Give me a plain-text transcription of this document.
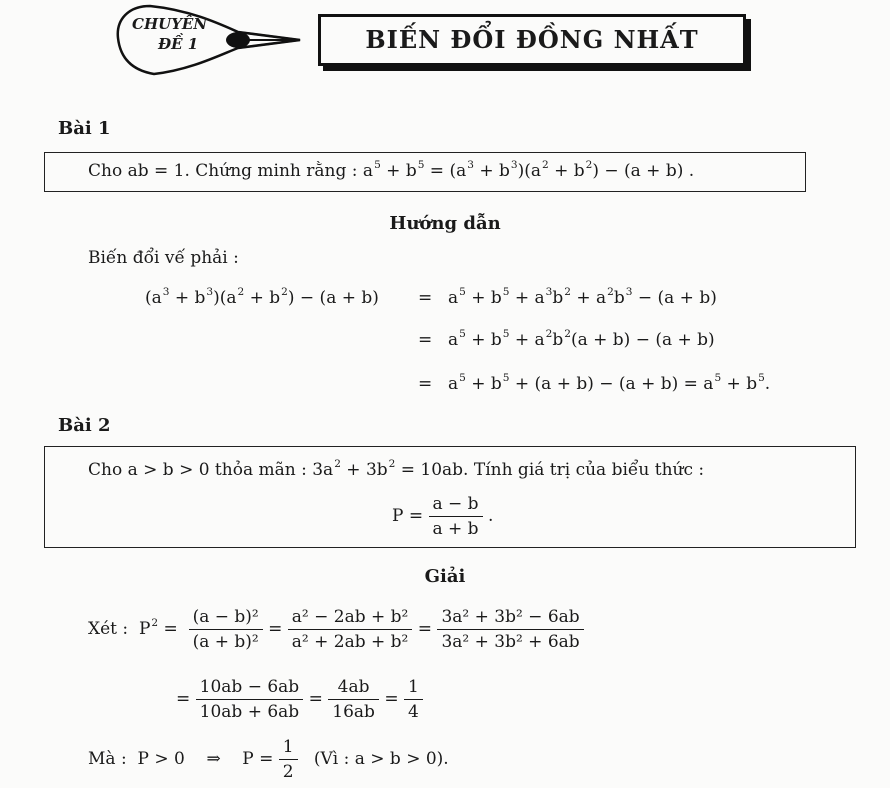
CHUYÊN
ĐỀ 1	BIẾN ĐỔI ĐỒNG NHẤT
Bài 1
Cho ab = 1. Chứng minh rằng : $a^5 + b^5 = (a^3 + b^3)(a^2 + b^2) - (a + b)$ .
Hướng dẫn
Biến đổi vế phải :
$(a^3 + b^3)(a^2 + b^2) - (a + b) = a^5 + b^5 + a^3b^2 + a^2b^3 - (a + b)$
= $a^5 + b^5 + a^2b^2(a + b) - (a + b)$
= $a^5 + b^5 + (a + b) - (a + b) = a^5 + b^5$.
Bài 2
Cho a > b > 0 thỏa mãn : $3a^2 + 3b^2 = 10ab$. Tính giá trị của biểu thức :
$P = \frac{a - b}{a + b}$ .
Giải
Xét :  $P^2 = \frac{\text{(a − b)²}}{\text{(a + b)²}} = \frac{\text{a² − 2ab + b²}}{\text{a² + 2ab + b²}} = \frac{\text{3a² + 3b² − 6ab}}{\text{3a² + 3b² + 6ab}}$
= $\frac{10ab - 6ab}{10ab + 6ab} = \frac{4ab}{16ab} = \frac{1}{4}$
Mà : P > 0 ⇒    $P = \frac{1}{2}$ (Vì : a > b > 0).
